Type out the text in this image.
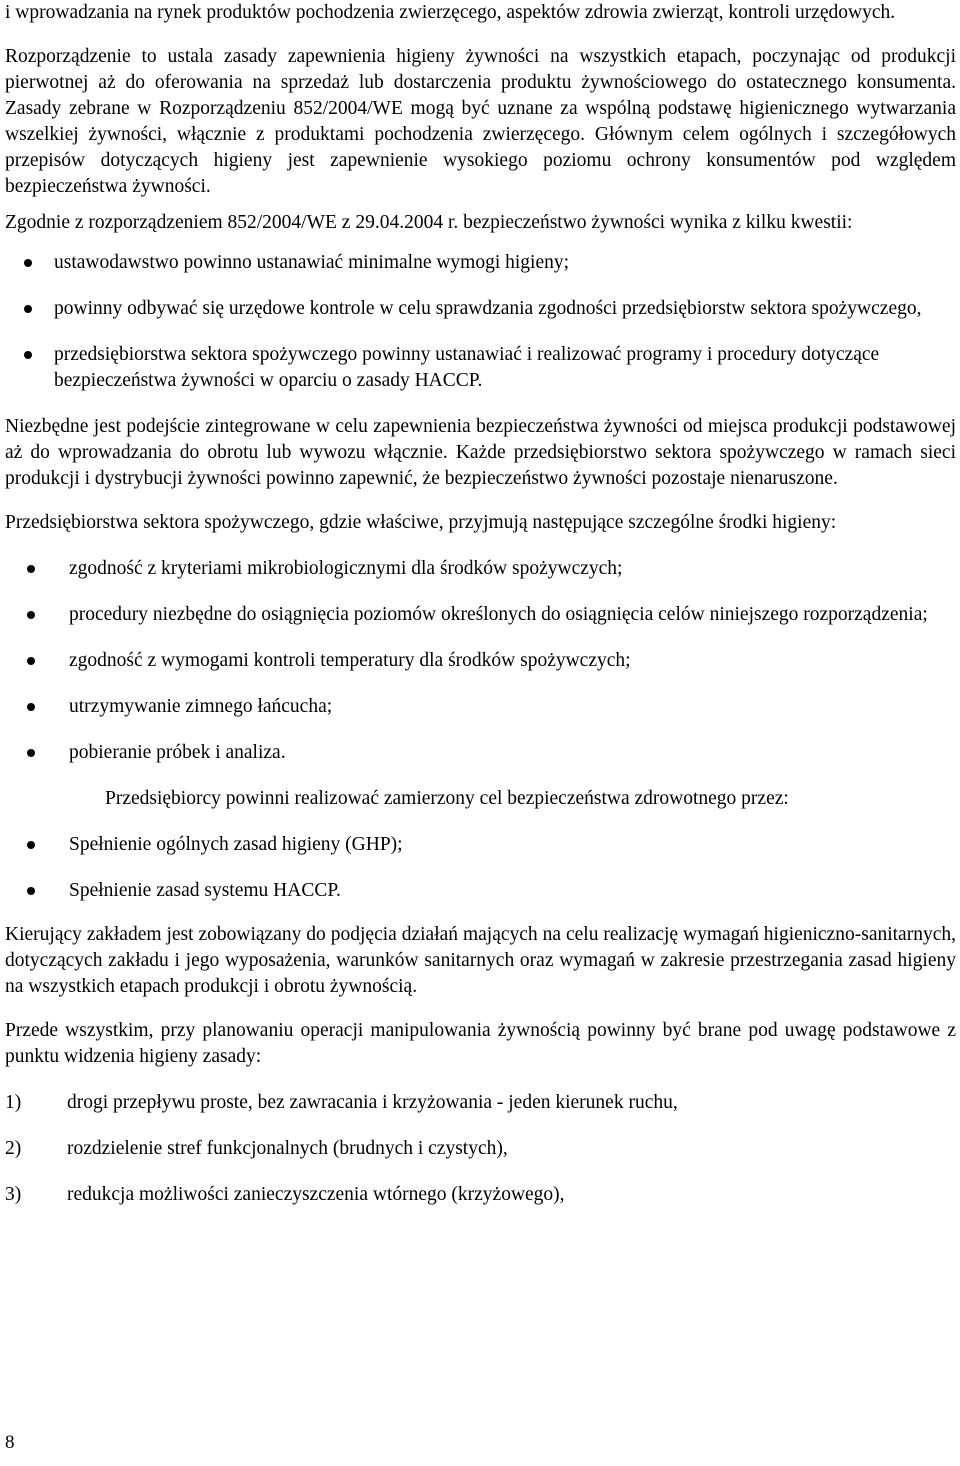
i wprowadzania na rynek produktów pochodzenia zwierzęcego, aspektów zdrowia zwierząt, kontroli urzędowych.

Rozporządzenie to ustala zasady zapewnienia higieny żywności na wszystkich etapach, poczynając od produkcji pierwotnej aż do oferowania na sprzedaż lub dostarczenia produktu żywnościowego do ostatecznego konsumenta. Zasady zebrane w Rozporządzeniu 852/2004/WE mogą być uznane za wspólną podstawę higienicznego wytwarzania wszelkiej żywności, włącznie z produktami pochodzenia zwierzęcego. Głównym celem ogólnych i szczegółowych przepisów dotyczących higieny jest zapewnienie wysokiego poziomu ochrony konsumentów pod względem bezpieczeństwa żywności.

Zgodnie z rozporządzeniem 852/2004/WE z 29.04.2004 r. bezpieczeństwo żywności wynika z kilku kwestii:

ustawodawstwo powinno ustanawiać minimalne wymogi higieny;
powinny odbywać się urzędowe kontrole w celu sprawdzania zgodności przedsiębiorstw sektora spożywczego,
przedsiębiorstwa sektora spożywczego powinny ustanawiać i realizować programy i procedury dotyczące bezpieczeństwa żywności w oparciu o zasady HACCP.

Niezbędne jest podejście zintegrowane w celu zapewnienia bezpieczeństwa żywności od miejsca produkcji podstawowej aż do wprowadzania do obrotu lub wywozu włącznie. Każde przedsiębiorstwo sektora spożywczego w ramach sieci produkcji i dystrybucji żywności powinno zapewnić, że bezpieczeństwo żywności pozostaje nienaruszone.

Przedsiębiorstwa sektora spożywczego, gdzie właściwe, przyjmują następujące szczególne środki higieny:

zgodność z kryteriami mikrobiologicznymi dla środków spożywczych;
procedury niezbędne do osiągnięcia poziomów określonych do osiągnięcia celów niniejszego rozporządzenia;
zgodność z wymogami kontroli temperatury dla środków spożywczych;
utrzymywanie zimnego łańcucha;
pobieranie próbek i analiza.

Przedsiębiorcy powinni realizować zamierzony cel bezpieczeństwa zdrowotnego przez:

Spełnienie ogólnych zasad higieny (GHP);
Spełnienie zasad systemu HACCP.

Kierujący zakładem jest zobowiązany do podjęcia działań mających na celu realizację wymagań higieniczno-sanitarnych, dotyczących zakładu i jego wyposażenia, warunków sanitarnych oraz wymagań w zakresie przestrzegania zasad higieny na wszystkich etapach produkcji i obrotu żywnością.

Przede wszystkim, przy planowaniu operacji manipulowania żywnością powinny być brane pod uwagę podstawowe z punktu widzenia higieny zasady:

1) drogi przepływu proste, bez zawracania i krzyżowania - jeden kierunek ruchu,
2) rozdzielenie stref funkcjonalnych (brudnych i czystych),
3) redukcja możliwości zanieczyszczenia wtórnego (krzyżowego),
8
